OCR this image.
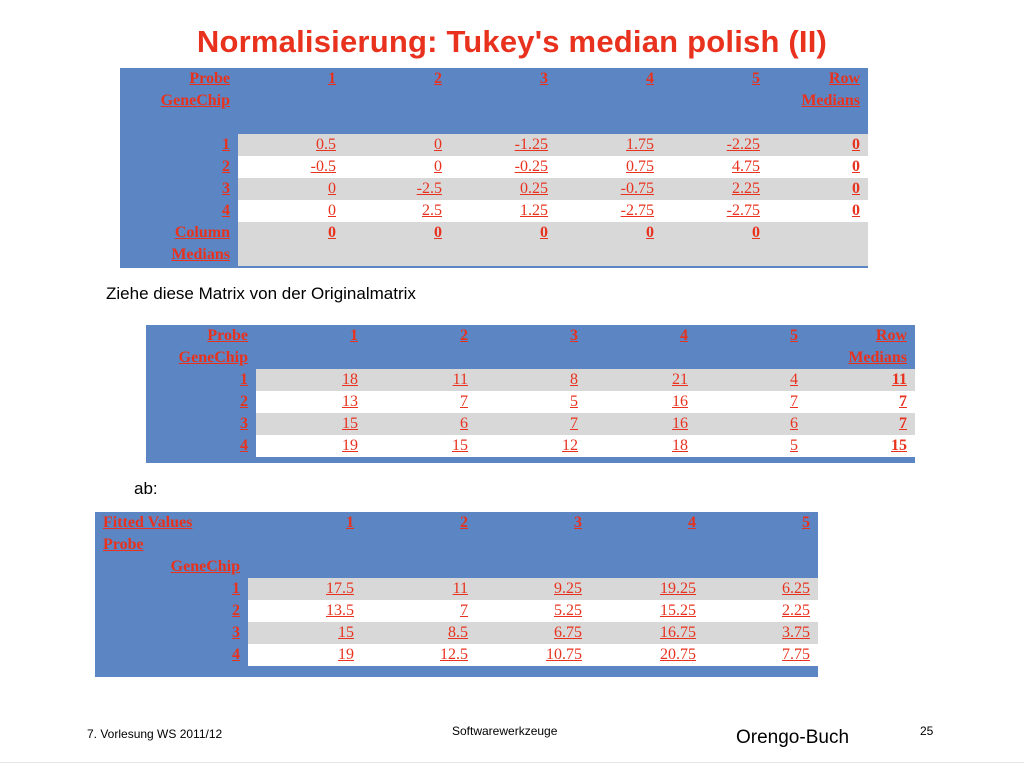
Normalisierung: Tukey's median polish (II)
Probe	1	2	3	4	5	Row
GeneChip						Medians

1	0.5	0	-1.25	1.75	-2.25	0
2	-0.5	0	-0.25	0.75	4.75	0
3	0	-2.5	0.25	-0.75	2.25	0
4	0	2.5	1.25	-2.75	-2.75	0
Column	0	0	0	0	0	
Medians						
Ziehe diese Matrix von der Originalmatrix
Probe	1	2	3	4	5	Row
GeneChip						Medians
1	18	11	8	21	4	11
2	13	7	5	16	7	7
3	15	6	7	16	6	7
4	19	15	12	18	5	15
ab:
Fitted Values	1	2	3	4	5
Probe					
GeneChip					
1	17.5	11	9.25	19.25	6.25
2	13.5	7	5.25	15.25	2.25
3	15	8.5	6.75	16.75	3.75
4	19	12.5	10.75	20.75	7.75
7. Vorlesung WS 2011/12	Softwarewerkzeuge	Orengo-Buch	25
